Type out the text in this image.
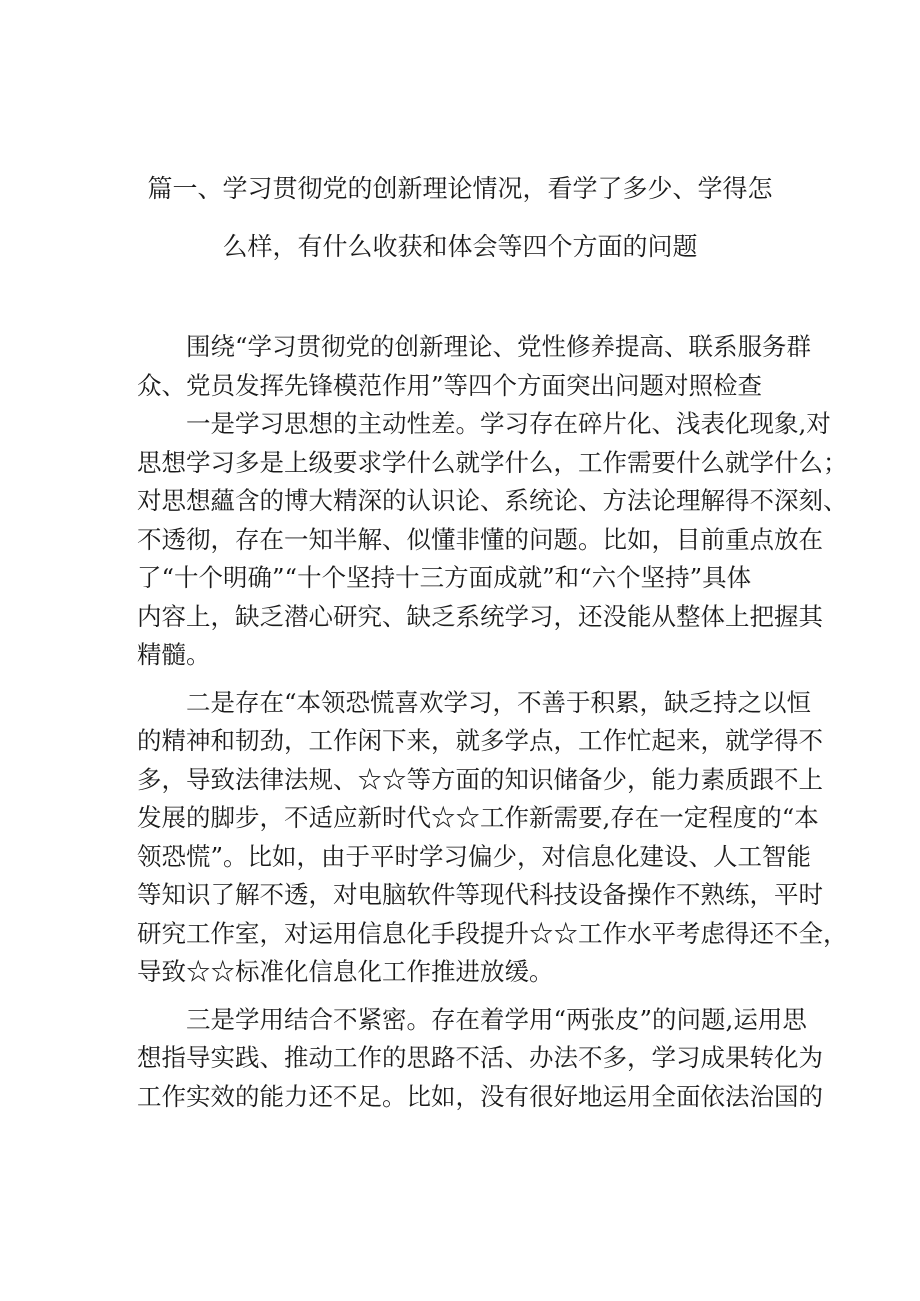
篇一、学习贯彻党的创新理论情况，看学了多少、学得怎
么样，有什么收获和体会等四个方面的问题

围绕“学习贯彻党的创新理论、党性修养提高、联系服务群
众、党员发挥先锋模范作用”等四个方面突出问题对照检查

一是学习思想的主动性差。学习存在碎片化、浅表化现象,对
思想学习多是上级要求学什么就学什么，工作需要什么就学什么；
对思想蘊含的博大精深的认识论、系统论、方法论理解得不深刻、
不透彻，存在一知半解、似懂非懂的问题。比如，目前重点放在
了“十个明确”“十个坚持十三方面成就”和“六个坚持”具体
内容上，缺乏潜心研究、缺乏系统学习，还没能从整体上把握其
精髓。

二是存在“本领恐慌喜欢学习，不善于积累，缺乏持之以恒
的精神和韧劲，工作闲下来，就多学点，工作忙起来，就学得不
多，导致法律法规、☆☆等方面的知识储备少，能力素质跟不上
发展的脚步，不适应新时代☆☆工作新需要,存在一定程度的“本
领恐慌”。比如，由于平时学习偏少，对信息化建设、人工智能
等知识了解不透，对电脑软件等现代科技设备操作不熟练，平时
研究工作室，对运用信息化手段提升☆☆工作水平考虑得还不全，
导致☆☆标准化信息化工作推进放缓。

三是学用结合不紧密。存在着学用“两张皮”的问题,运用思
想指导实践、推动工作的思路不活、办法不多，学习成果转化为
工作实效的能力还不足。比如，没有很好地运用全面依法治国的
